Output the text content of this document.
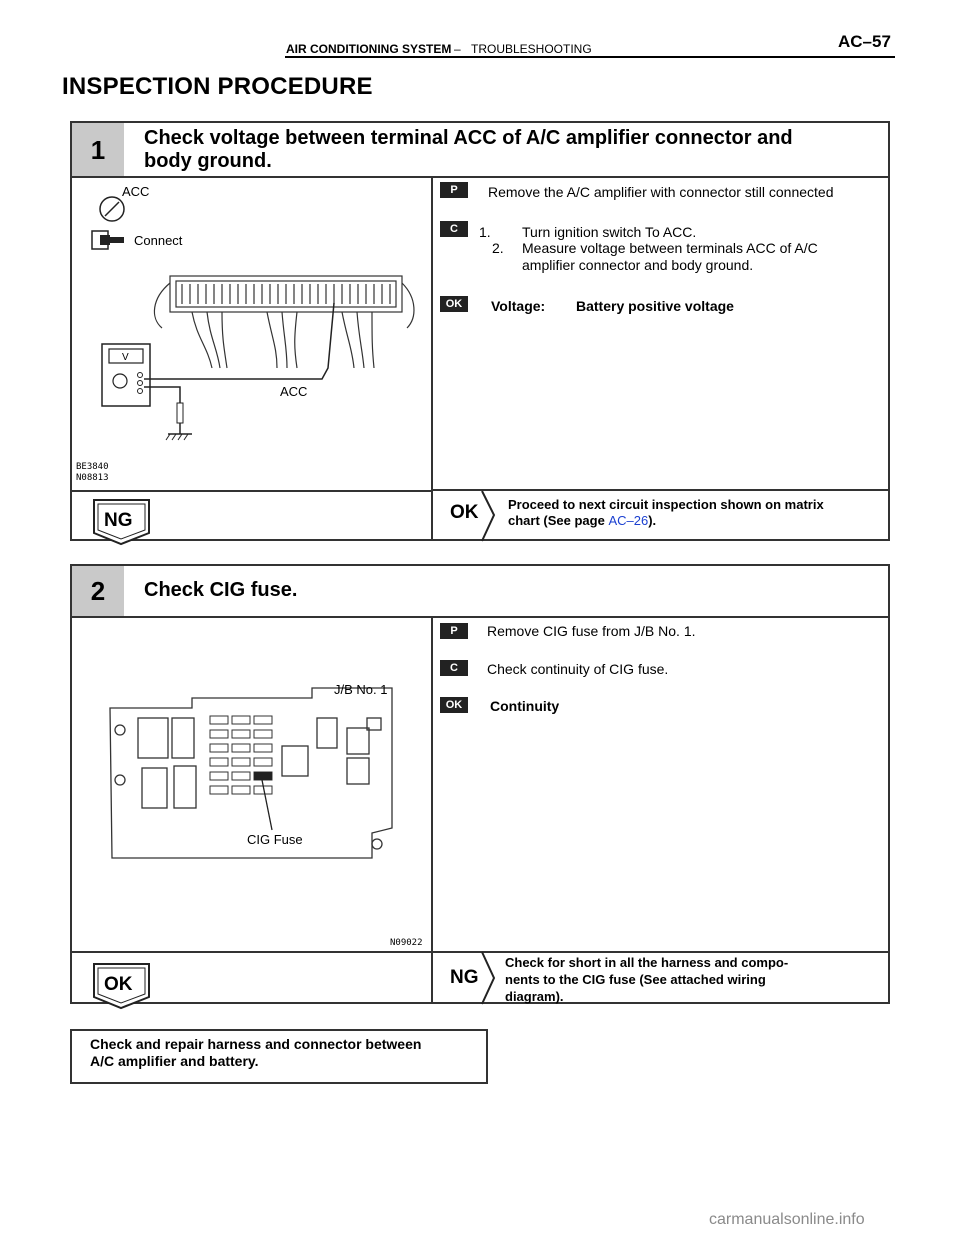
AIR CONDITIONING SYSTEM – TROUBLESHOOTING	AC–57
INSPECTION PROCEDURE
1	Check voltage between terminal ACC of A/C amplifier connector and
body ground.
V
ACC
Connect
ACC
BE3840
N08813
P	Remove the A/C amplifier with connector still connected
C	1. Turn ignition switch To ACC.
2. Measure voltage between terminals ACC of A/C
amplifier connector and body ground.
OK	Voltage: Battery positive voltage
NG	OK Proceed to next circuit inspection shown on matrix
chart (See page AC–26).
2	Check CIG fuse.
J/B No. 1
CIG Fuse
N09022
P	Remove CIG fuse from J/B No. 1.
C	Check continuity of CIG fuse.
OK	Continuity
OK	NG
Check for short in all the harness and compo-
nents to the CIG fuse (See attached wiring
diagram).
Check and repair harness and connector between
A/C amplifier and battery.
carmanualsonline.info
